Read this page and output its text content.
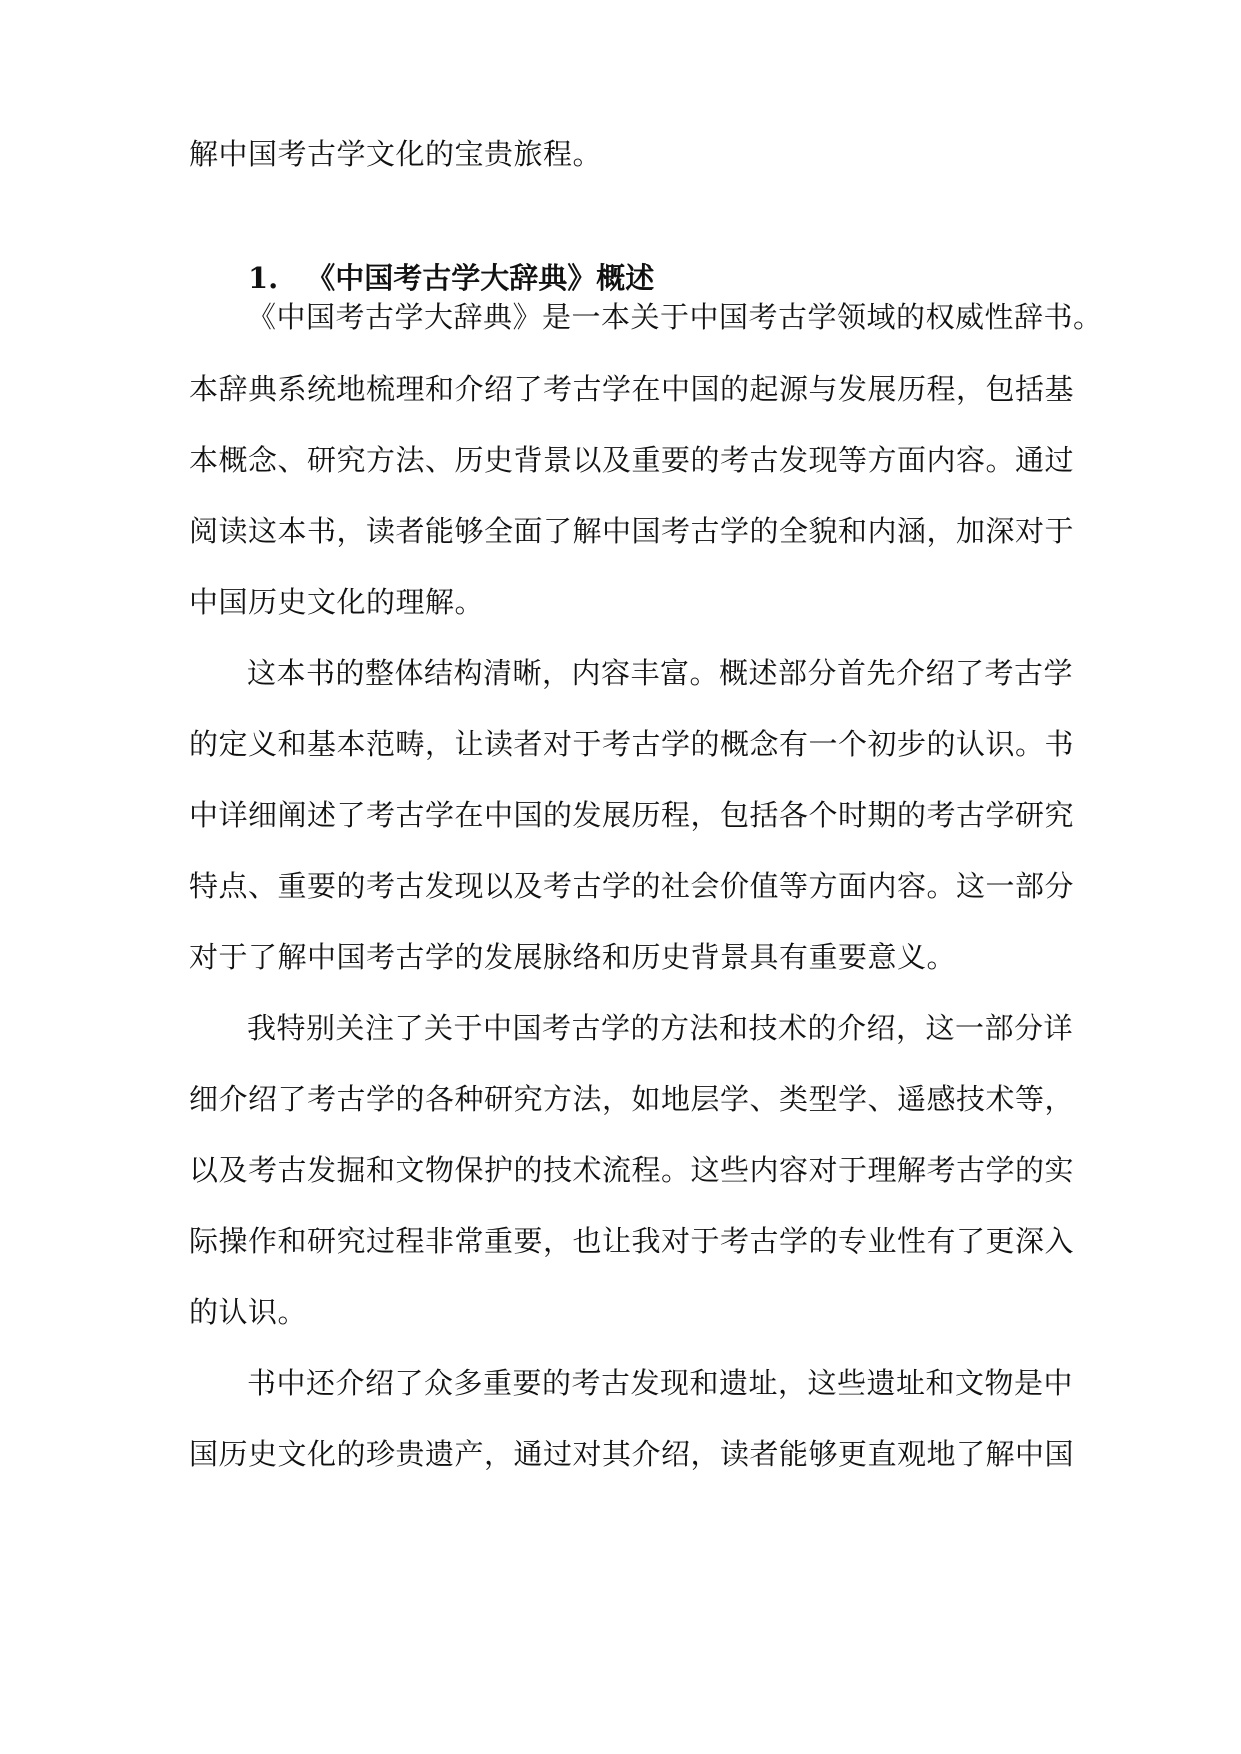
解中国考古学文化的宝贵旅程。
1. 《中国考古学大辞典》概述
《中国考古学大辞典》是一本关于中国考古学领域的权威性辞书。
本辞典系统地梳理和介绍了考古学在中国的起源与发展历程，包括基
本概念、研究方法、历史背景以及重要的考古发现等方面内容。通过
阅读这本书，读者能够全面了解中国考古学的全貌和内涵，加深对于
中国历史文化的理解。
这本书的整体结构清晰，内容丰富。概述部分首先介绍了考古学
的定义和基本范畴，让读者对于考古学的概念有一个初步的认识。书
中详细阐述了考古学在中国的发展历程，包括各个时期的考古学研究
特点、重要的考古发现以及考古学的社会价值等方面内容。这一部分
对于了解中国考古学的发展脉络和历史背景具有重要意义。
我特别关注了关于中国考古学的方法和技术的介绍，这一部分详
细介绍了考古学的各种研究方法，如地层学、类型学、遥感技术等，
以及考古发掘和文物保护的技术流程。这些内容对于理解考古学的实
际操作和研究过程非常重要，也让我对于考古学的专业性有了更深入
的认识。
书中还介绍了众多重要的考古发现和遗址，这些遗址和文物是中
国历史文化的珍贵遗产，通过对其介绍，读者能够更直观地了解中国
